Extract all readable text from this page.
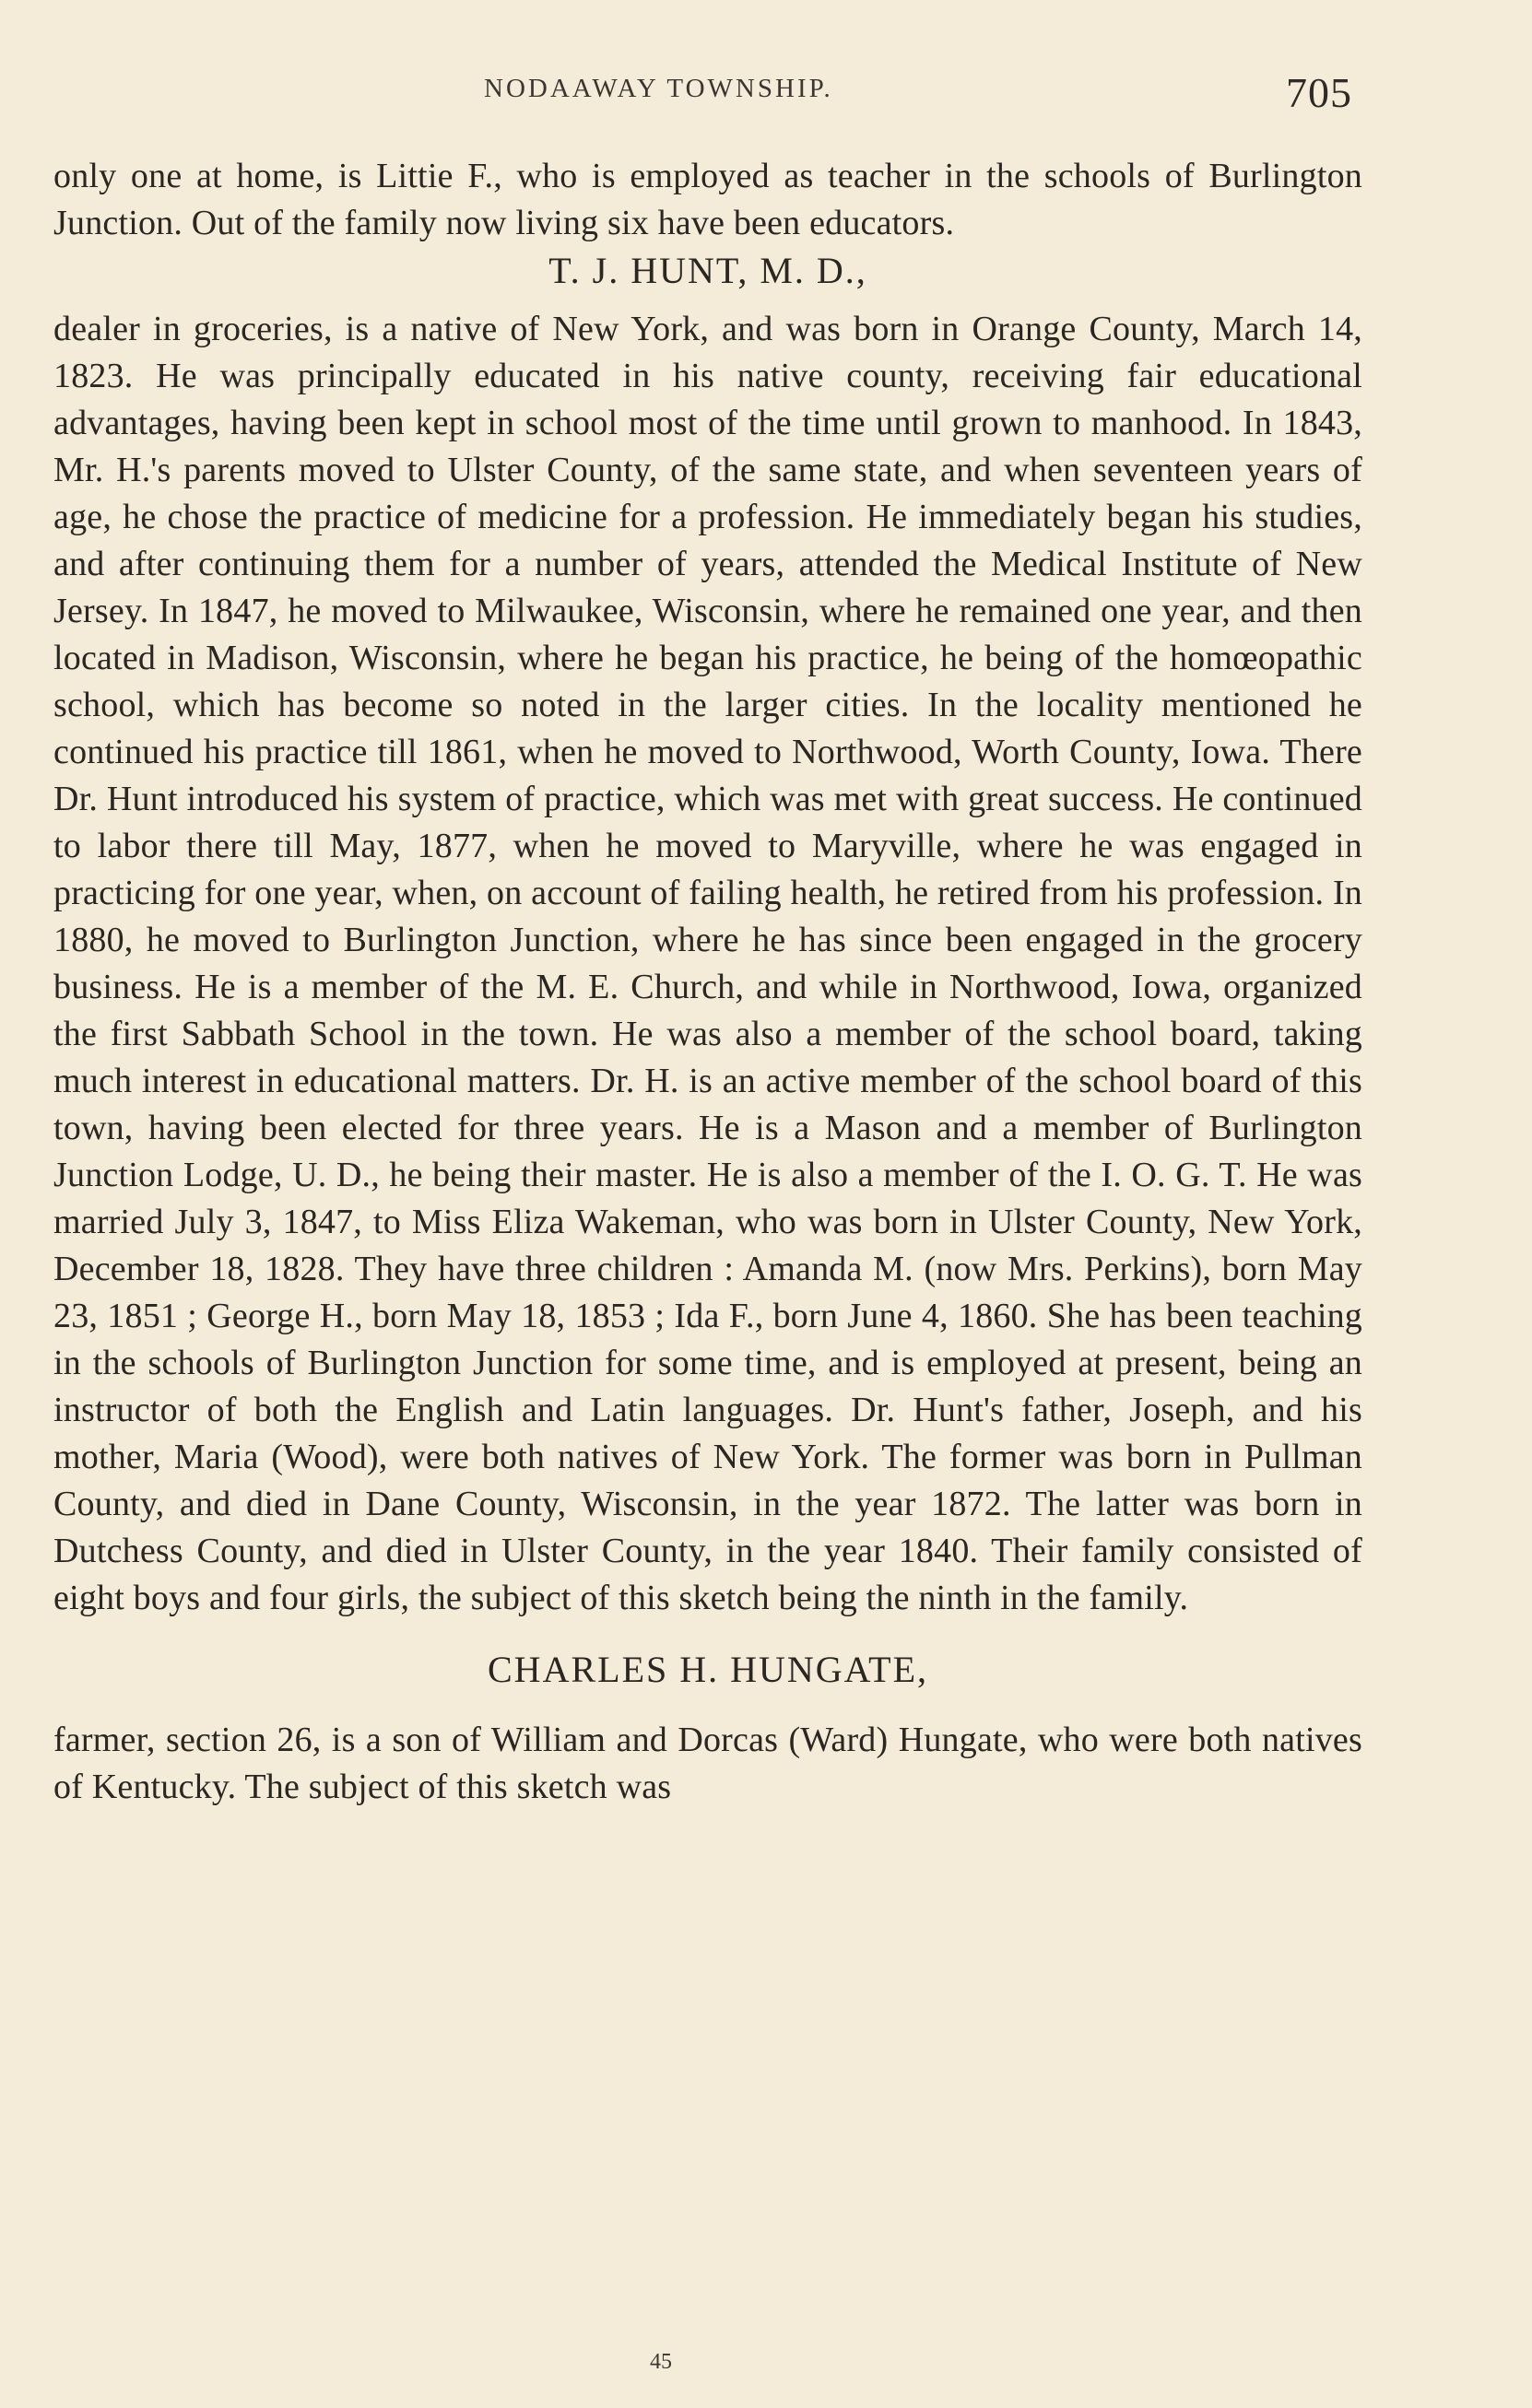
NODAAWAY TOWNSHIP.	705

only one at home, is Littie F., who is employed as teacher in the schools of Burlington Junction. Out of the family now living six have been educators.

T. J. HUNT, M. D.,

dealer in groceries, is a native of New York, and was born in Orange County, March 14, 1823. He was principally educated in his native county, receiving fair educational advantages, having been kept in school most of the time until grown to manhood. In 1843, Mr. H.'s parents moved to Ulster County, of the same state, and when seventeen years of age, he chose the practice of medicine for a profession. He immediately began his studies, and after continuing them for a number of years, attended the Medical Institute of New Jersey. In 1847, he moved to Milwaukee, Wisconsin, where he remained one year, and then located in Madison, Wisconsin, where he began his practice, he being of the homœopathic school, which has become so noted in the larger cities. In the locality mentioned he continued his practice till 1861, when he moved to Northwood, Worth County, Iowa. There Dr. Hunt introduced his system of practice, which was met with great success. He continued to labor there till May, 1877, when he moved to Maryville, where he was engaged in practicing for one year, when, on account of failing health, he retired from his profession. In 1880, he moved to Burlington Junction, where he has since been engaged in the grocery business. He is a member of the M. E. Church, and while in Northwood, Iowa, organized the first Sabbath School in the town. He was also a member of the school board, taking much interest in educational matters. Dr. H. is an active member of the school board of this town, having been elected for three years. He is a Mason and a member of Burlington Junction Lodge, U. D., he being their master. He is also a member of the I. O. G. T. He was married July 3, 1847, to Miss Eliza Wakeman, who was born in Ulster County, New York, December 18, 1828. They have three children : Amanda M. (now Mrs. Perkins), born May 23, 1851 ; George H., born May 18, 1853 ; Ida F., born June 4, 1860. She has been teaching in the schools of Burlington Junction for some time, and is employed at present, being an instructor of both the English and Latin languages. Dr. Hunt's father, Joseph, and his mother, Maria (Wood), were both natives of New York. The former was born in Pullman County, and died in Dane County, Wisconsin, in the year 1872. The latter was born in Dutchess County, and died in Ulster County, in the year 1840. Their family consisted of eight boys and four girls, the subject of this sketch being the ninth in the family.

CHARLES H. HUNGATE,

farmer, section 26, is a son of William and Dorcas (Ward) Hungate, who were both natives of Kentucky. The subject of this sketch was

45
